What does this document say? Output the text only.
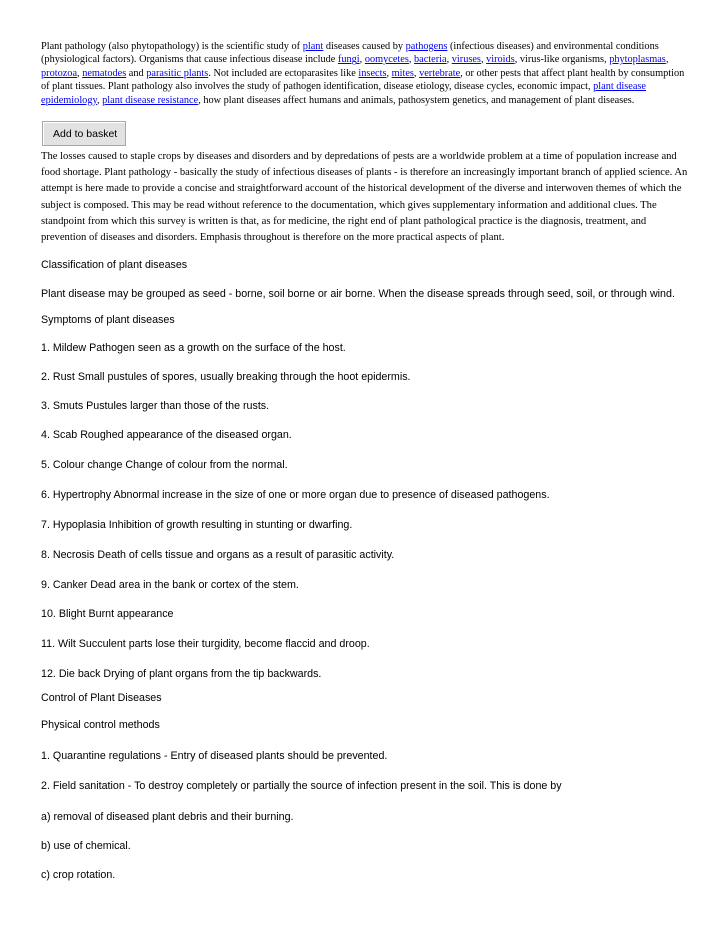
Plant pathology (also phytopathology) is the scientific study of plant diseases caused by pathogens (infectious diseases) and environmental conditions (physiological factors). Organisms that cause infectious disease include fungi, oomycetes, bacteria, viruses, viroids, virus-like organisms, phytoplasmas, protozoa, nematodes and parasitic plants. Not included are ectoparasites like insects, mites, vertebrate, or other pests that affect plant health by consumption of plant tissues. Plant pathology also involves the study of pathogen identification, disease etiology, disease cycles, economic impact, plant disease epidemiology, plant disease resistance, how plant diseases affect humans and animals, pathosystem genetics, and management of plant diseases.

Add to basket

The losses caused to staple crops by diseases and disorders and by depredations of pests are a worldwide problem at a time of population increase and food shortage. Plant pathology - basically the study of infectious diseases of plants - is therefore an increasingly important branch of applied science. An attempt is here made to provide a concise and straightforward account of the historical development of the diverse and interwoven themes of which the subject is composed. This may be read without reference to the documentation, which gives supplementary information and additional clues. The standpoint from which this survey is written is that, as for medicine, the right end of plant pathological practice is the diagnosis, treatment, and prevention of diseases and disorders. Emphasis throughout is therefore on the more practical aspects of plant.

Classification of plant diseases

Plant disease may be grouped as seed - borne, soil borne or air borne. When the disease spreads through seed, soil, or through wind.

Symptoms of plant diseases

1. Mildew Pathogen seen as a growth on the surface of the host.

2. Rust Small pustules of spores, usually breaking through the hoot epidermis.

3. Smuts Pustules larger than those of the rusts.

4. Scab Roughed appearance of the diseased organ.

5. Colour change Change of colour from the normal.

6. Hypertrophy Abnormal increase in the size of one or more organ due to presence of diseased pathogens.

7. Hypoplasia Inhibition of growth resulting in stunting or dwarfing.

8. Necrosis Death of cells tissue and organs as a result of parasitic activity.

9. Canker Dead area in the bank or cortex of the stem.

10. Blight Burnt appearance

11. Wilt Succulent parts lose their turgidity, become flaccid and droop.

12. Die back Drying of plant organs from the tip backwards.

Control of Plant Diseases

Physical control methods

1. Quarantine regulations - Entry of diseased plants should be prevented.

2. Field sanitation - To destroy completely or partially the source of infection present in the soil. This is done by

a) removal of diseased plant debris and their burning.

b) use of chemical.

c) crop rotation.
